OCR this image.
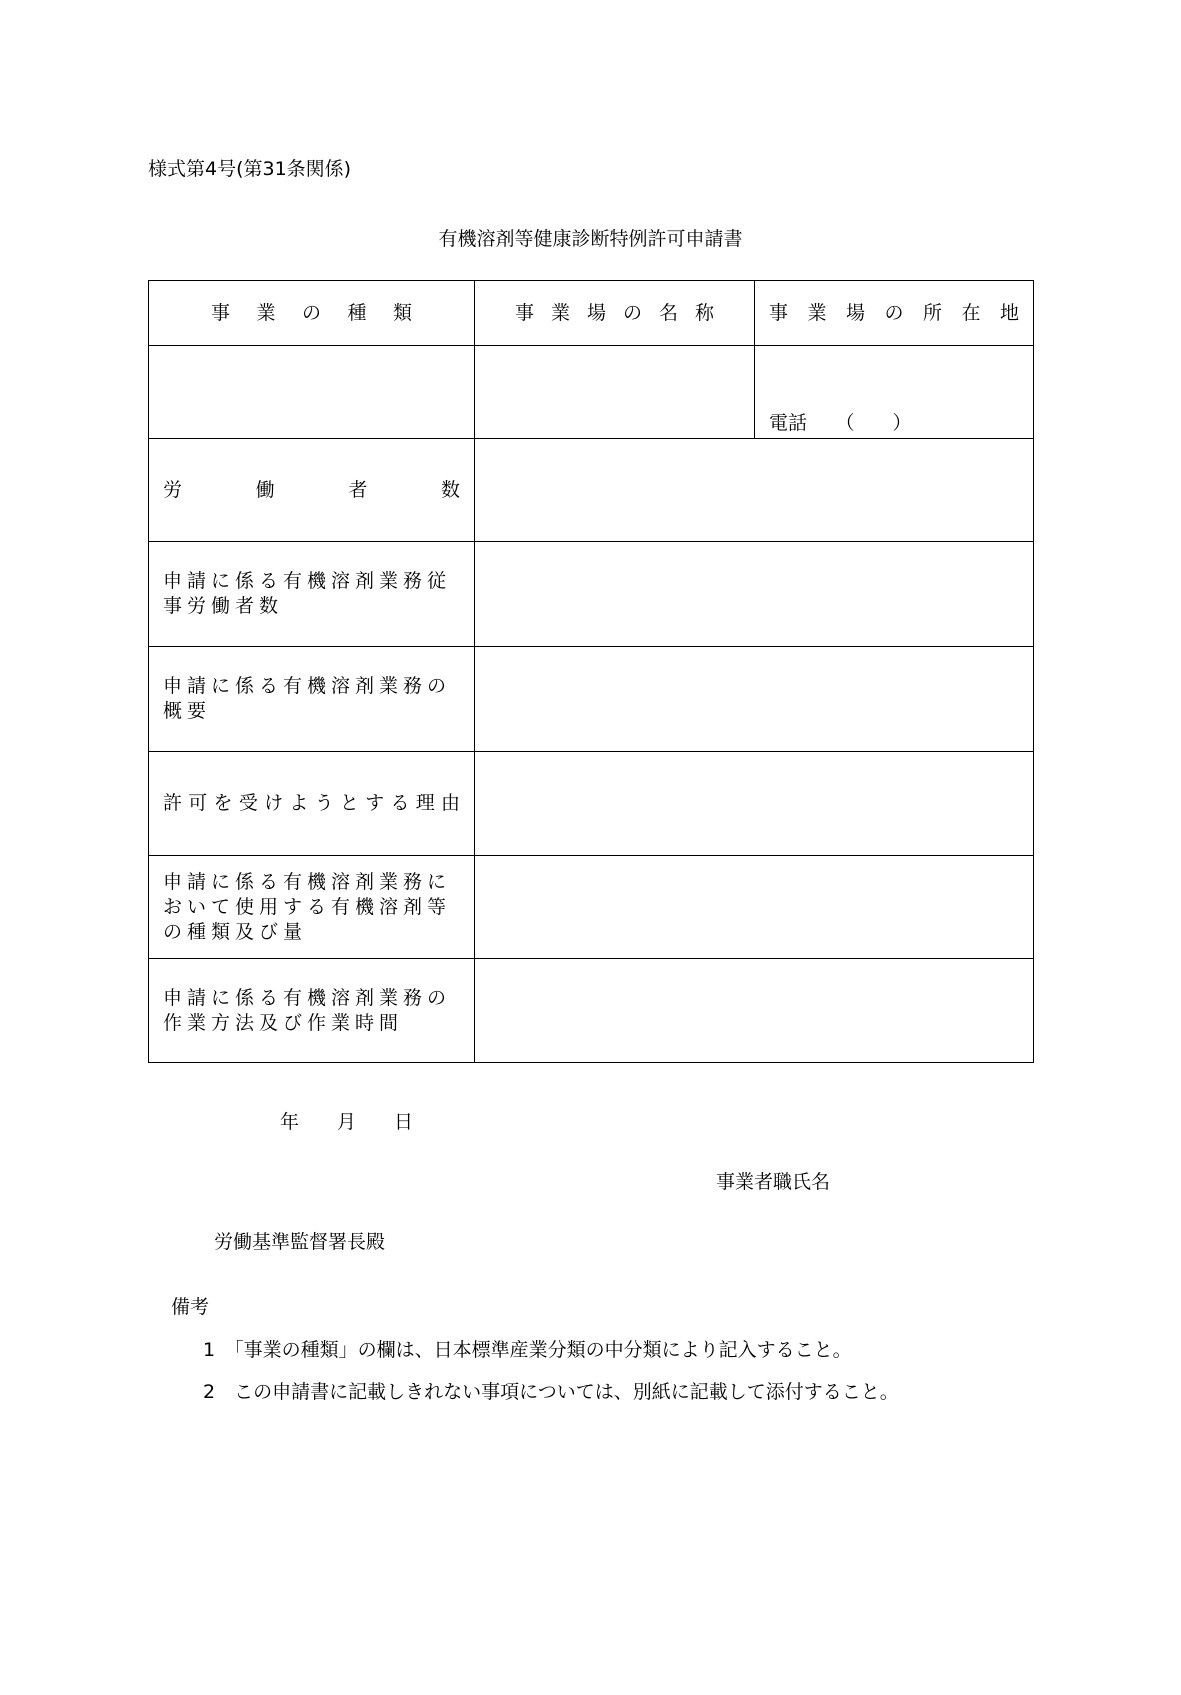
様式第4号(第31条関係)
有機溶剤等健康診断特例許可申請書
事業の種類	事業場の名称	事業場の所在地

		電話　　（　　）

労働者数		

申請に係る有機溶剤業務従事労働者数		
申請に係る有機溶剤業務の概要		

許可を受けようとする理由		

申請に係る有機溶剤業務において使用する有機溶剤等の種類及び量		
申請に係る有機溶剤業務の作業方法及び作業時間		
年　　月　　日
事業者職氏名
労働基準監督署長殿
備考
1　「事業の種類」の欄は、日本標準産業分類の中分類により記入すること。
2　この申請書に記載しきれない事項については、別紙に記載して添付すること。
